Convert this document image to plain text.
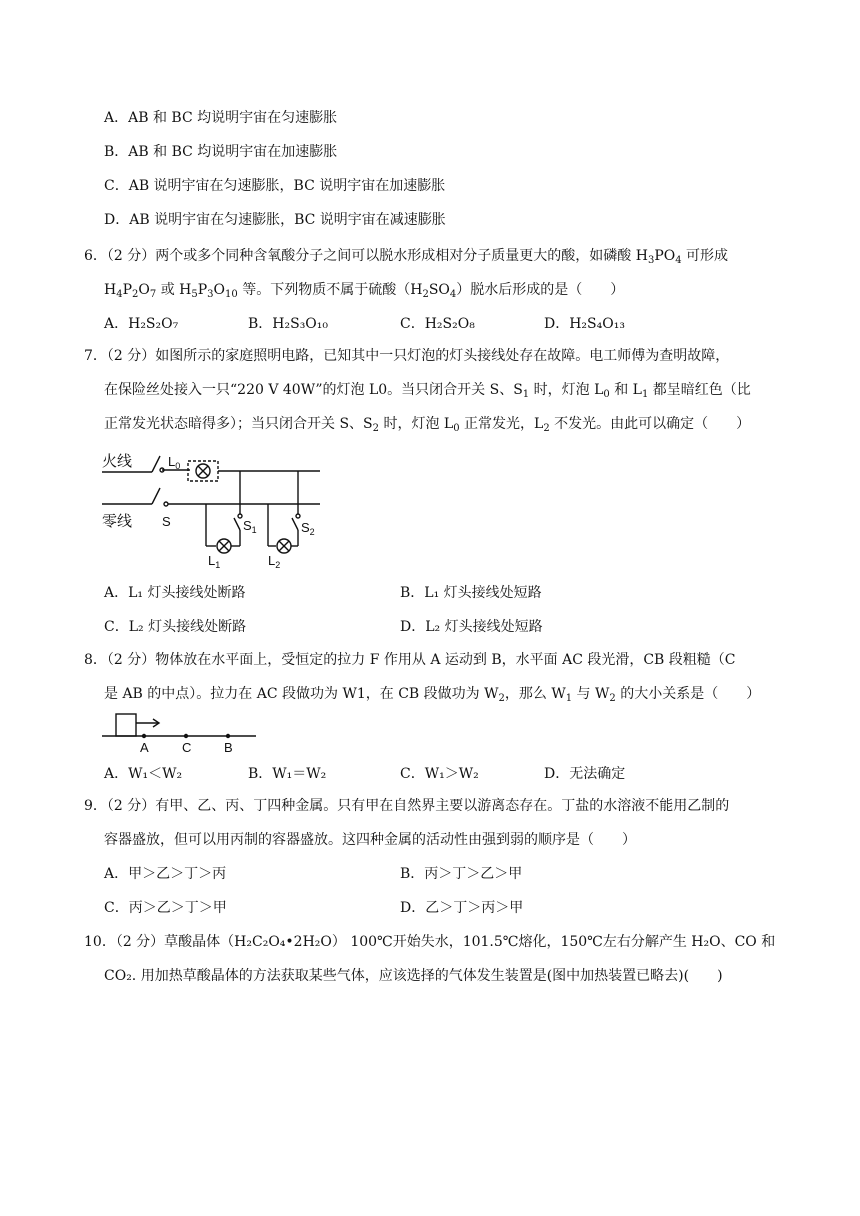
A．AB 和 BC 均说明宇宙在匀速膨胀
B．AB 和 BC 均说明宇宙在加速膨胀
C．AB 说明宇宙在匀速膨胀，BC 说明宇宙在加速膨胀
D．AB 说明宇宙在匀速膨胀，BC 说明宇宙在减速膨胀
6．（2 分）两个或多个同种含氧酸分子之间可以脱水形成相对分子质量更大的酸，如磷酸 $H_3PO_4$ 可形成
$H_4P_2O_7$ 或 $H_5P_3O_{10}$ 等。下列物质不属于硫酸$(H_2SO_4)$脱水后形成的是（　　）
A．H₂S₂O₇	B．H₂S₃O₁₀	C．H₂S₂O₈	D．H₂S₄O₁₃
7．（2 分）如图所示的家庭照明电路，已知其中一只灯泡的灯头接线处存在故障。电工师傅为查明故障，
在保险丝处接入一只“220 V 40W”的灯泡 L0。当只闭合开关 S、$S_1$ 时，灯泡 $L_0$ 和 $L_1$ 都呈暗红色（比
正常发光状态暗得多）；当只闭合开关 S、$S_2$ 时，灯泡 $L_0$ 正常发光，$L_2$ 不发光。由此可以确定（　　）
火线
零线
$L_0$
S	$S_1$	$S_2$
$L_1$	$L_2$
A．L₁ 灯头接线处断路	B．L₁ 灯头接线处短路
C．L₂ 灯头接线处断路	D．L₂ 灯头接线处短路
8．（2 分）物体放在水平面上，受恒定的拉力 F 作用从 A 运动到 B，水平面 AC 段光滑，CB 段粗糙（C
是 AB 的中点）。拉力在 AC 段做功为 W1，在 CB 段做功为 $W_2$，那么 $W_1$ 与 $W_2$ 的大小关系是（　　）
A	C	B
A．W₁＜W₂	B．W₁＝W₂	C．W₁＞W₂	D．无法确定
9．（2 分）有甲、乙、丙、丁四种金属。只有甲在自然界主要以游离态存在。丁盐的水溶液不能用乙制的
容器盛放，但可以用丙制的容器盛放。这四种金属的活动性由强到弱的顺序是（　　）
A．甲＞乙＞丁＞丙	B．丙＞丁＞乙＞甲
C．丙＞乙＞丁＞甲	D．乙＞丁＞丙＞甲
10．（2 分）草酸晶体（H₂C₂O₄•2H₂O） 100℃开始失水，101.5℃熔化，150℃左右分解产生 H₂O、CO 和
CO₂. 用加热草酸晶体的方法获取某些气体，应该选择的气体发生装置是(图中加热装置已略去)(　　)
